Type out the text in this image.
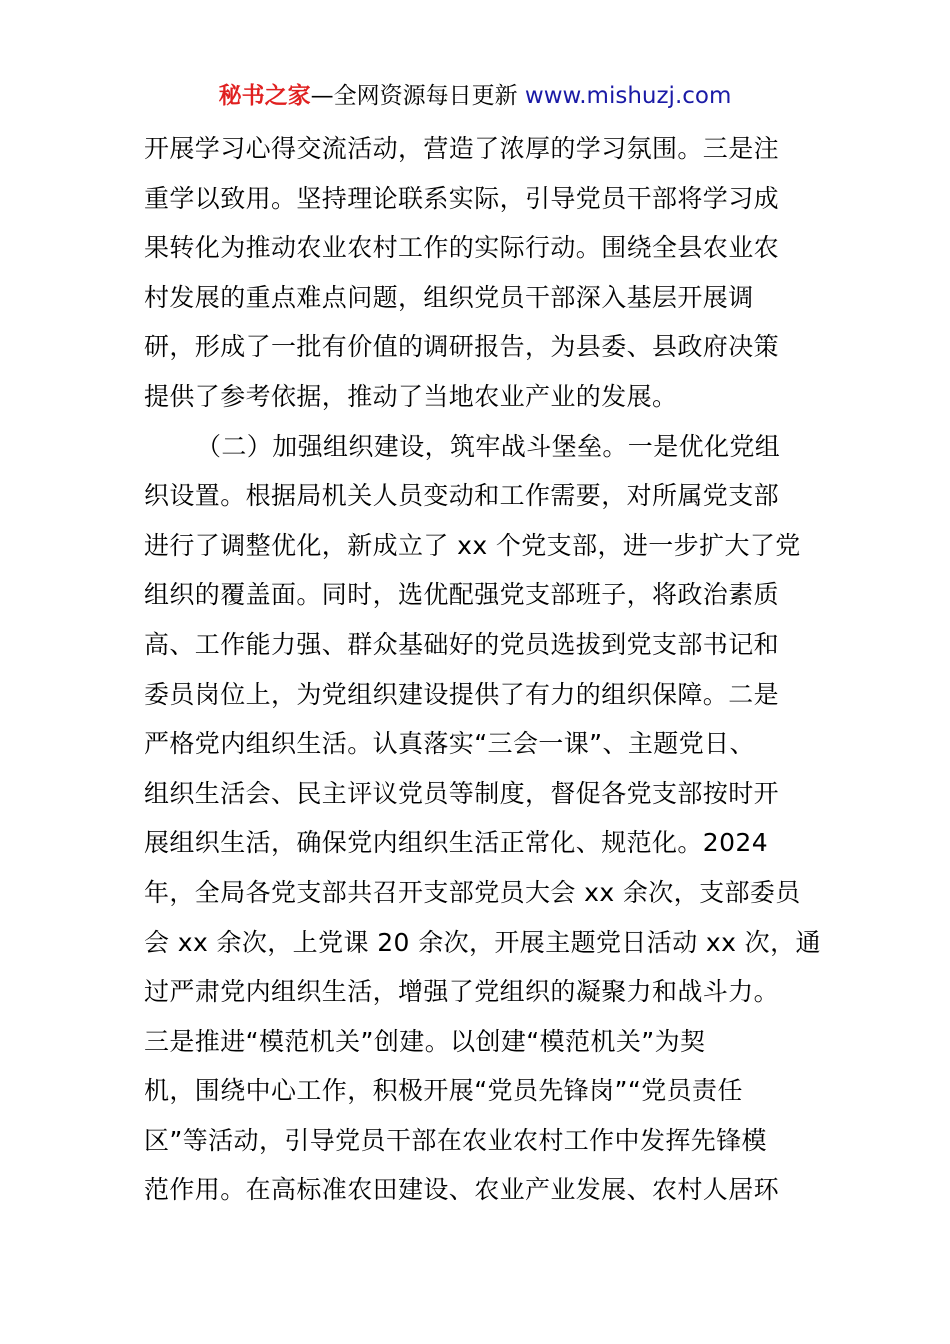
秘书之家—全网资源每日更新 www.mishuzj.com
开展学习心得交流活动，营造了浓厚的学习氛围。三是注
重学以致用。坚持理论联系实际，引导党员干部将学习成
果转化为推动农业农村工作的实际行动。围绕全县农业农
村发展的重点难点问题，组织党员干部深入基层开展调
研，形成了一批有价值的调研报告，为县委、县政府决策
提供了参考依据，推动了当地农业产业的发展。
（二）加强组织建设，筑牢战斗堡垒。一是优化党组
织设置。根据局机关人员变动和工作需要，对所属党支部
进行了调整优化，新成立了 xx 个党支部，进一步扩大了党
组织的覆盖面。同时，选优配强党支部班子，将政治素质
高、工作能力强、群众基础好的党员选拔到党支部书记和
委员岗位上，为党组织建设提供了有力的组织保障。二是
严格党内组织生活。认真落实“三会一课”、主题党日、
组织生活会、民主评议党员等制度，督促各党支部按时开
展组织生活，确保党内组织生活正常化、规范化。2024
年，全局各党支部共召开支部党员大会 xx 余次，支部委员
会 xx 余次，上党课 20 余次，开展主题党日活动 xx 次，通
过严肃党内组织生活，增强了党组织的凝聚力和战斗力。
三是推进“模范机关”创建。以创建“模范机关”为契
机，围绕中心工作，积极开展“党员先锋岗”“党员责任
区”等活动，引导党员干部在农业农村工作中发挥先锋模
范作用。在高标准农田建设、农业产业发展、农村人居环
